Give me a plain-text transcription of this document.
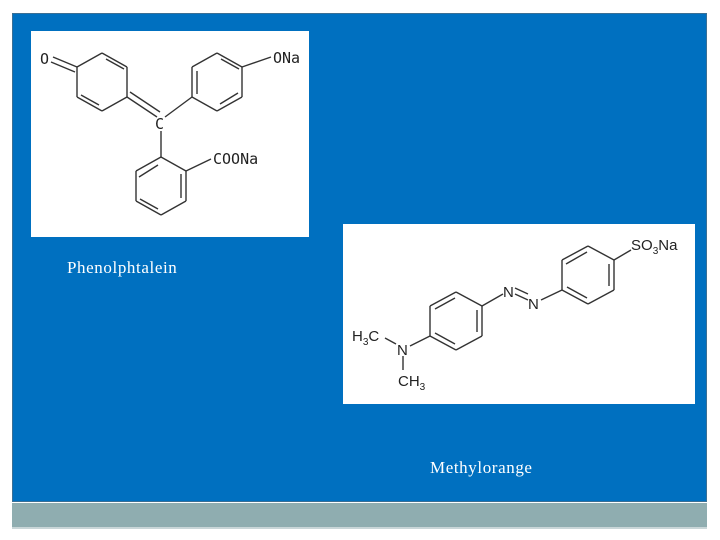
O	ONa
C
COONa
Phenolphtalein
$SO_3Na$
N
N
$H_3C$
N
$CH_3$
Methylorange
